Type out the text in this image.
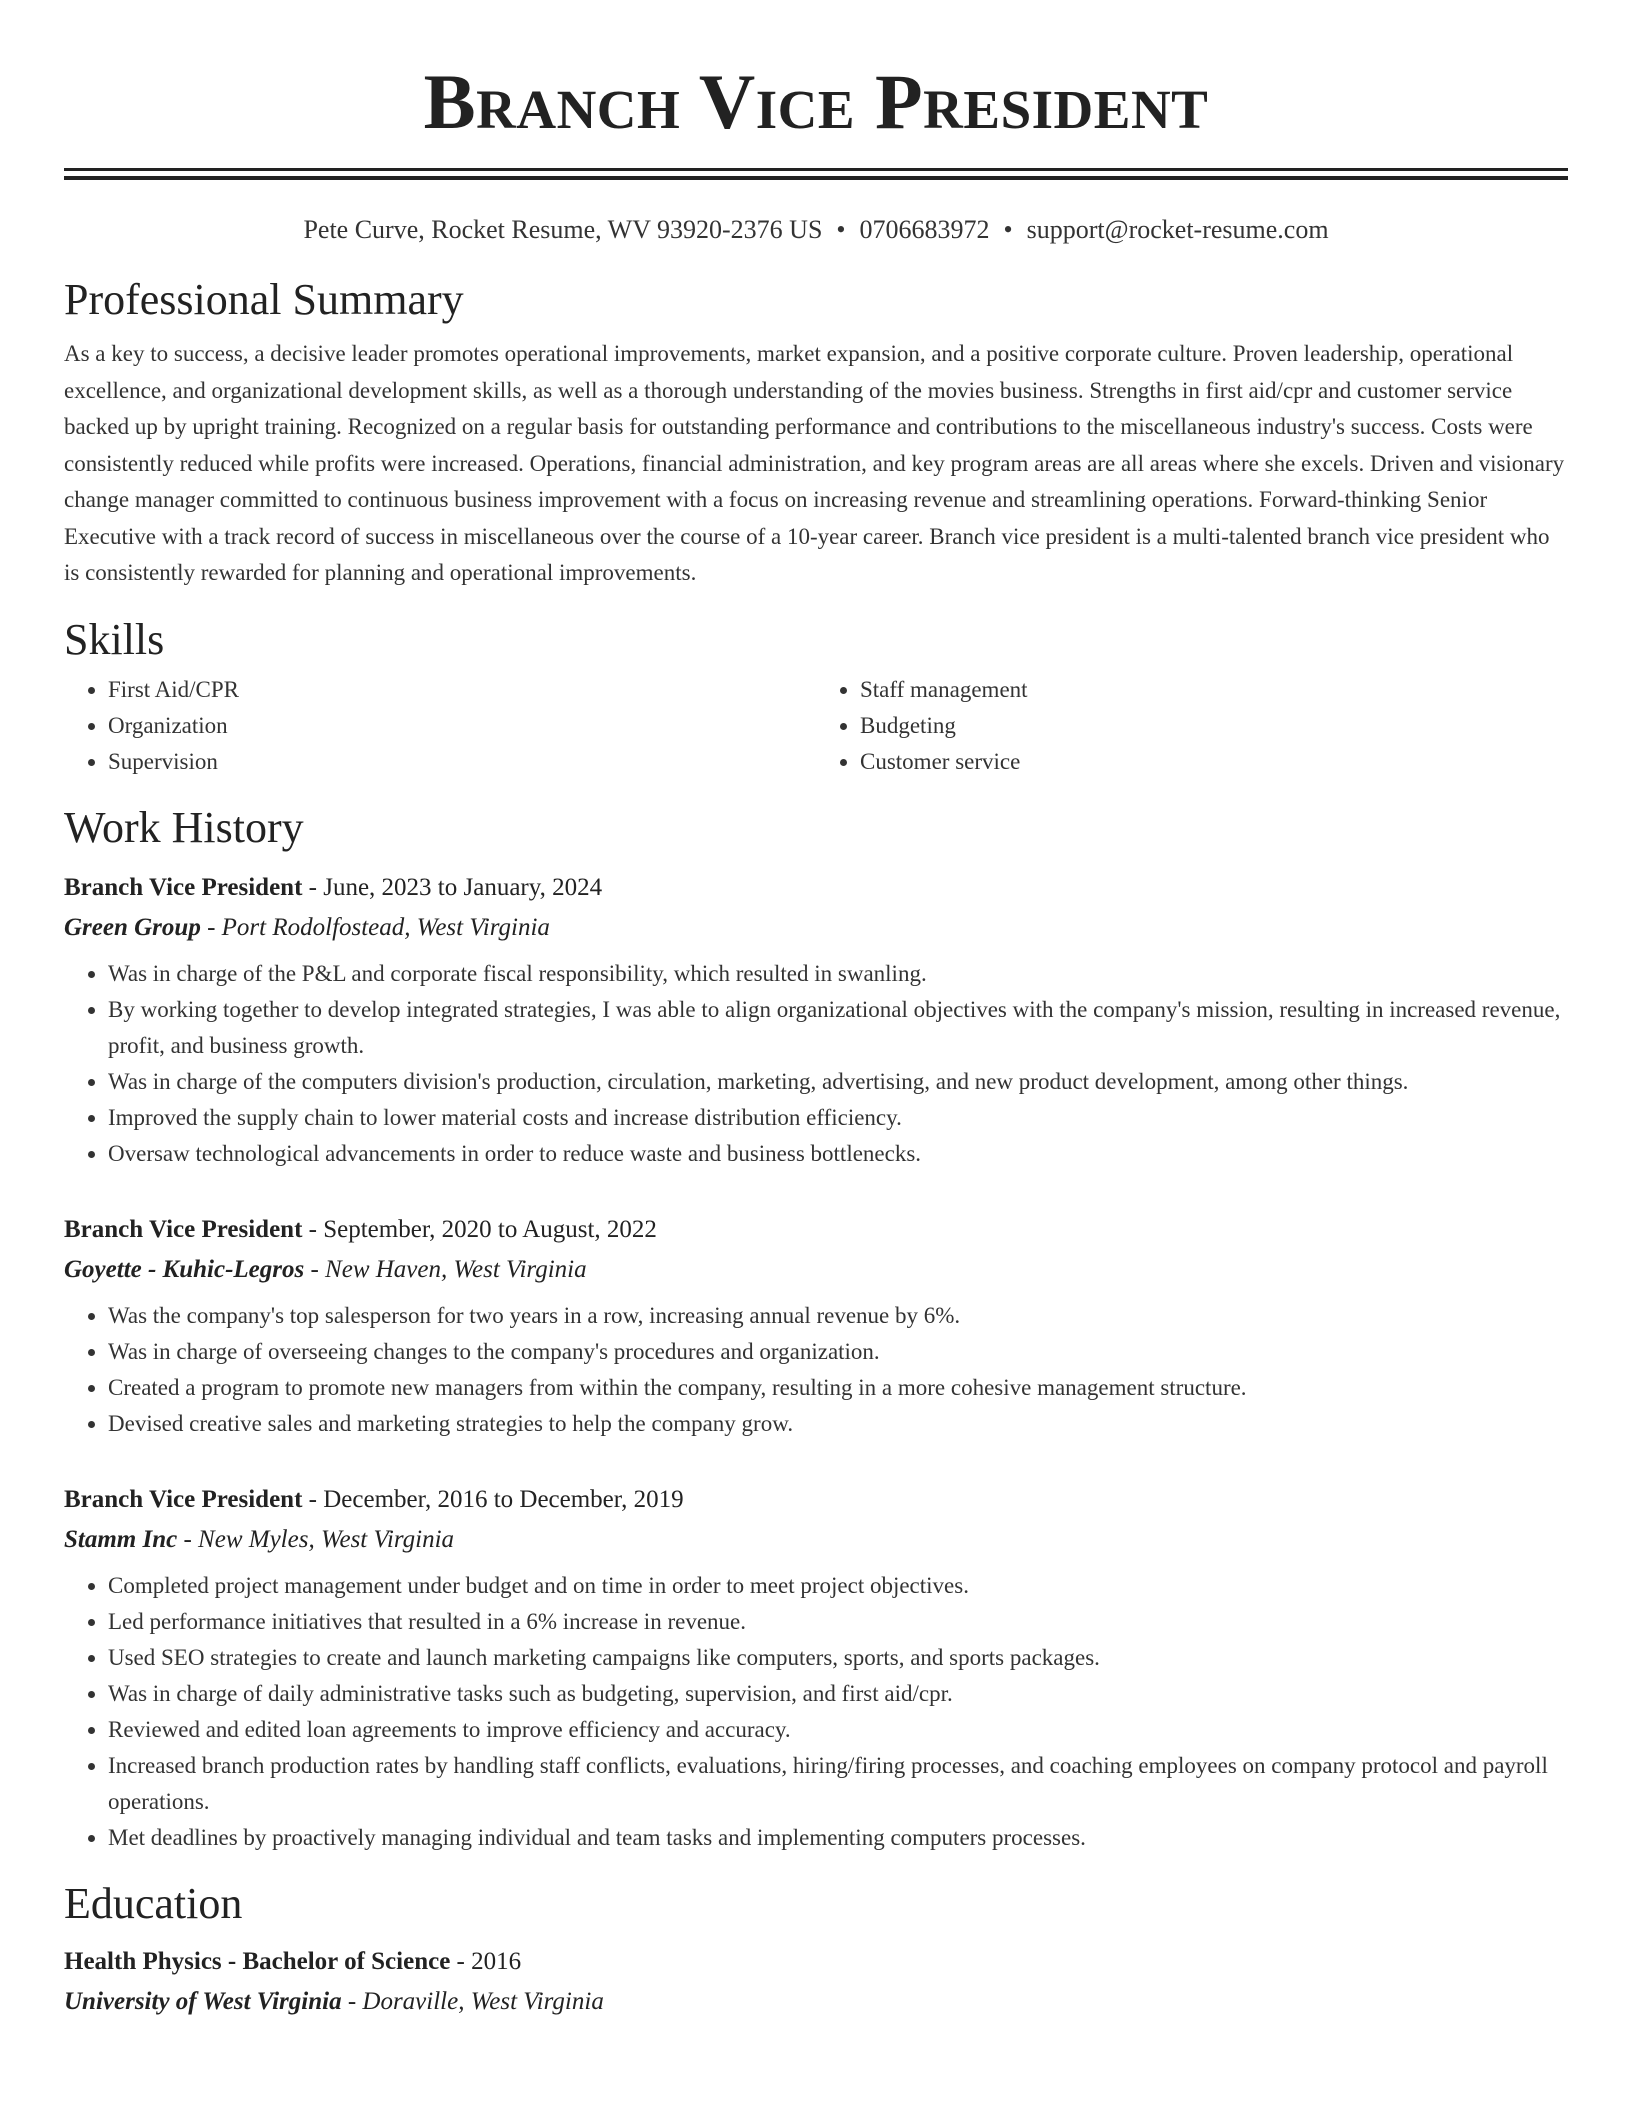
Branch Vice President
Pete Curve, Rocket Resume, WV 93920-2376 US • 0706683972 • support@rocket-resume.com
Professional Summary

As a key to success, a decisive leader promotes operational improvements, market expansion, and a positive corporate culture. Proven leadership, operational excellence, and organizational development skills, as well as a thorough understanding of the movies business. Strengths in first aid/cpr and customer service backed up by upright training. Recognized on a regular basis for outstanding performance and contributions to the miscellaneous industry's success. Costs were consistently reduced while profits were increased. Operations, financial administration, and key program areas are all areas where she excels. Driven and visionary change manager committed to continuous business improvement with a focus on increasing revenue and streamlining operations. Forward-thinking Senior Executive with a track record of success in miscellaneous over the course of a 10-year career. Branch vice president is a multi-talented branch vice president who is consistently rewarded for planning and operational improvements.

Skills
• First Aid/CPR
• Organization
• Supervision
• Staff management
• Budgeting
• Customer service
Work History

Branch Vice President - June, 2023 to January, 2024

Green Group - Port Rodolfostead, West Virginia

• Was in charge of the P&L and corporate fiscal responsibility, which resulted in swanling.
• By working together to develop integrated strategies, I was able to align organizational objectives with the company's mission, resulting in increased revenue, profit, and business growth.
• Was in charge of the computers division's production, circulation, marketing, advertising, and new product development, among other things.
• Improved the supply chain to lower material costs and increase distribution efficiency.
• Oversaw technological advancements in order to reduce waste and business bottlenecks.

Branch Vice President - September, 2020 to August, 2022

Goyette - Kuhic-Legros - New Haven, West Virginia

• Was the company's top salesperson for two years in a row, increasing annual revenue by 6%.
• Was in charge of overseeing changes to the company's procedures and organization.
• Created a program to promote new managers from within the company, resulting in a more cohesive management structure.
• Devised creative sales and marketing strategies to help the company grow.

Branch Vice President - December, 2016 to December, 2019

Stamm Inc - New Myles, West Virginia

• Completed project management under budget and on time in order to meet project objectives.
• Led performance initiatives that resulted in a 6% increase in revenue.
• Used SEO strategies to create and launch marketing campaigns like computers, sports, and sports packages.
• Was in charge of daily administrative tasks such as budgeting, supervision, and first aid/cpr.
• Reviewed and edited loan agreements to improve efficiency and accuracy.
• Increased branch production rates by handling staff conflicts, evaluations, hiring/firing processes, and coaching employees on company protocol and payroll operations.
• Met deadlines by proactively managing individual and team tasks and implementing computers processes.
Education

Health Physics - Bachelor of Science - 2016

University of West Virginia - Doraville, West Virginia
